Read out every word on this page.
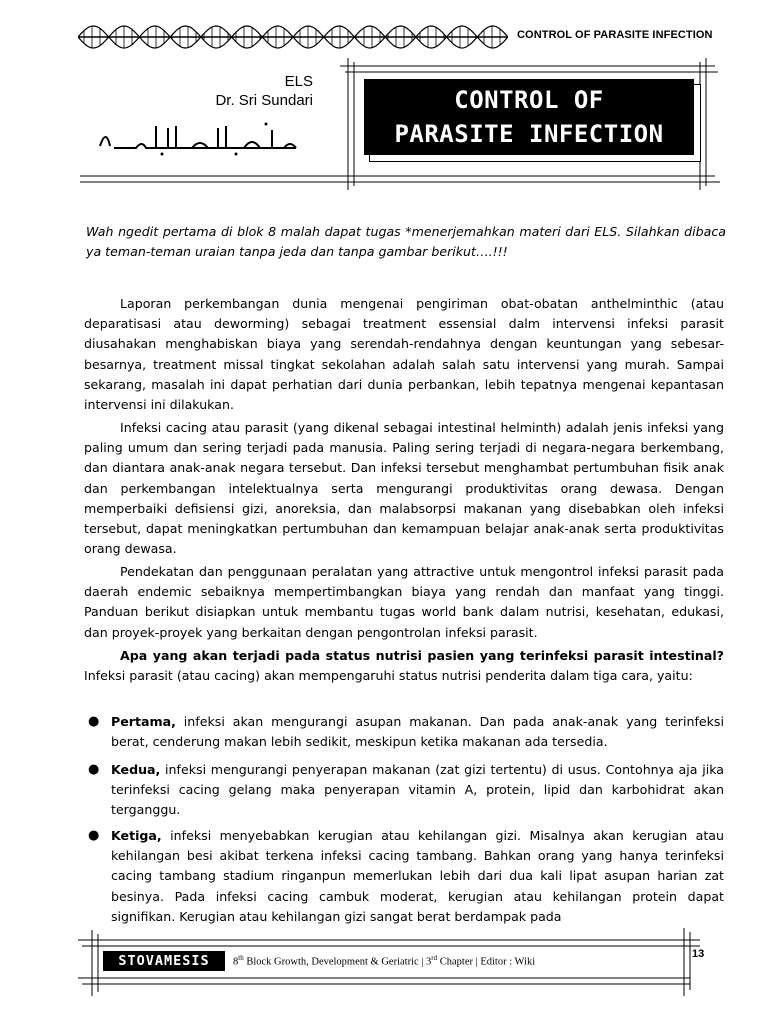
CONTROL OF PARASITE INFECTION
ELS
Dr. Sri Sundari	CONTROL OF
PARASITE INFECTION

Wah ngedit pertama di blok 8 malah dapat tugas *menerjemahkan materi dari ELS. Silahkan dibaca ya teman-teman uraian tanpa jeda dan tanpa gambar berikut….!!!

Laporan perkembangan dunia mengenai pengiriman obat-obatan anthelminthic (atau deparatisasi atau deworming) sebagai treatment essensial dalm intervensi infeksi parasit diusahakan menghabiskan biaya yang serendah-rendahnya dengan keuntungan yang sebesar-besarnya, treatment missal tingkat sekolahan adalah salah satu intervensi yang murah. Sampai sekarang, masalah ini dapat perhatian dari dunia perbankan, lebih tepatnya mengenai kepantasan intervensi ini dilakukan.

Infeksi cacing atau parasit (yang dikenal sebagai intestinal helminth) adalah jenis infeksi yang paling umum dan sering terjadi pada manusia. Paling sering terjadi di negara-negara berkembang, dan diantara anak-anak negara tersebut. Dan infeksi tersebut menghambat pertumbuhan fisik anak dan perkembangan intelektualnya serta mengurangi produktivitas orang dewasa. Dengan memperbaiki defisiensi gizi, anoreksia, dan malabsorpsi makanan yang disebabkan oleh infeksi tersebut, dapat meningkatkan pertumbuhan dan kemampuan belajar anak-anak serta produktivitas orang dewasa.

Pendekatan dan penggunaan peralatan yang attractive untuk mengontrol infeksi parasit pada daerah endemic sebaiknya mempertimbangkan biaya yang rendah dan manfaat yang tinggi. Panduan berikut disiapkan untuk membantu tugas world bank dalam nutrisi, kesehatan, edukasi, dan proyek-proyek yang berkaitan dengan pengontrolan infeksi parasit.

Apa yang akan terjadi pada status nutrisi pasien yang terinfeksi parasit intestinal? Infeksi parasit (atau cacing) akan mempengaruhi status nutrisi penderita dalam tiga cara, yaitu:

● Pertama, infeksi akan mengurangi asupan makanan. Dan pada anak-anak yang terinfeksi berat, cenderung makan lebih sedikit, meskipun ketika makanan ada tersedia.

● Kedua, infeksi mengurangi penyerapan makanan (zat gizi tertentu) di usus. Contohnya aja jika terinfeksi cacing gelang maka penyerapan vitamin A, protein, lipid dan karbohidrat akan terganggu.

● Ketiga, infeksi menyebabkan kerugian atau kehilangan gizi. Misalnya akan kerugian atau kehilangan besi akibat terkena infeksi cacing tambang. Bahkan orang yang hanya terinfeksi cacing tambang stadium ringanpun memerlukan lebih dari dua kali lipat asupan harian zat besinya. Pada infeksi cacing cambuk moderat, kerugian atau kehilangan protein dapat signifikan. Kerugian atau kehilangan gizi sangat berat berdampak pada

STOVAMESIS	8th Block Growth, Development & Geriatric | 3rd Chapter | Editor : Wiki
13
